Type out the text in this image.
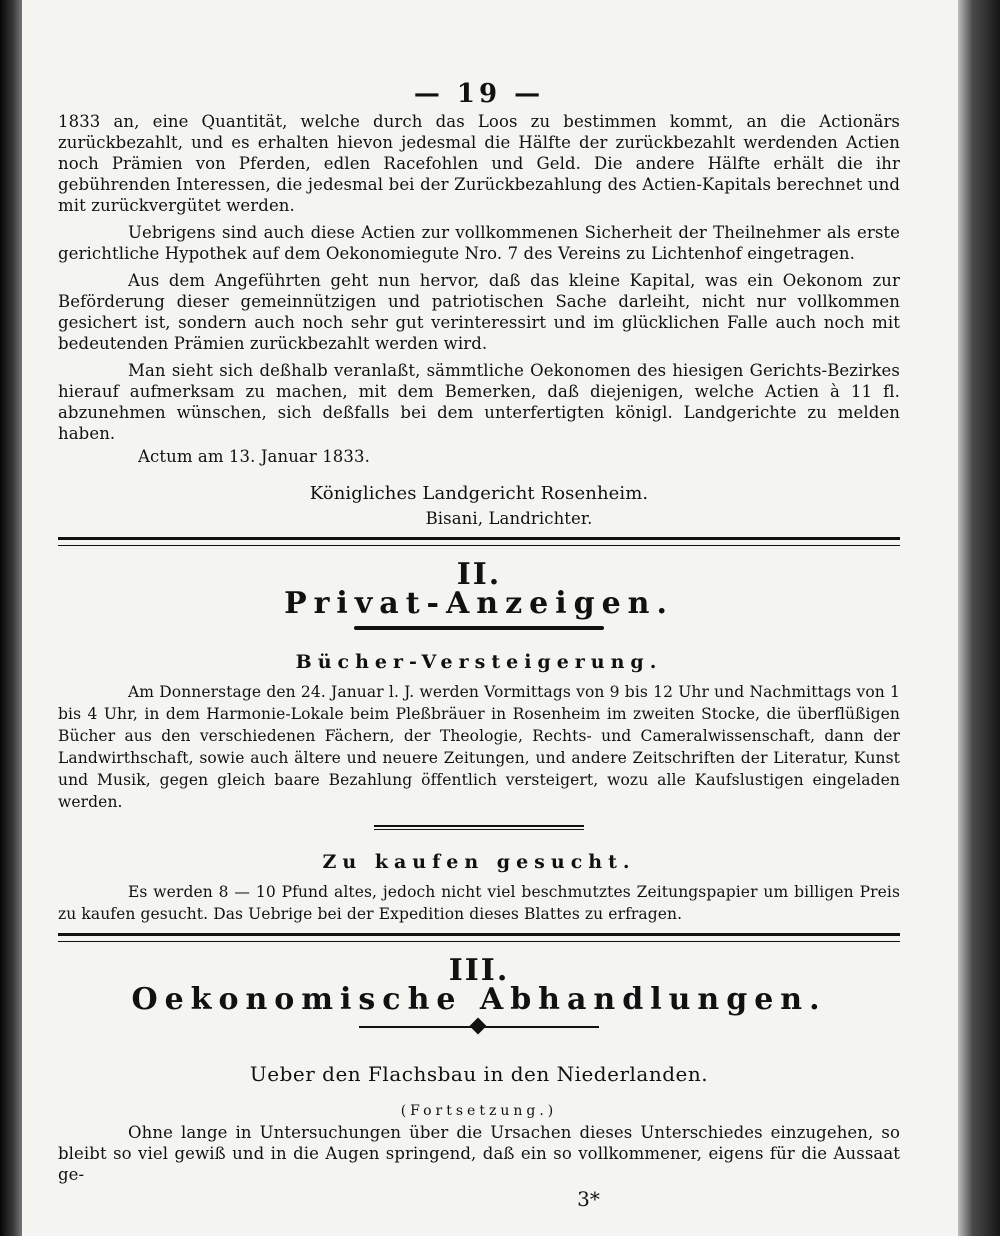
— 19 —

1833 an, eine Quantität, welche durch das Loos zu bestimmen kommt, an die Actionärs zurückbezahlt, und es erhalten hievon jedesmal die Hälfte der zurückbezahlt werdenden Actien noch Prämien von Pferden, edlen Racefohlen und Geld. Die andere Hälfte erhält die ihr gebührenden Interessen, die jedesmal bei der Zurückbezahlung des Actien-Kapitals berechnet und mit zurückvergütet werden.

Uebrigens sind auch diese Actien zur vollkommenen Sicherheit der Theilnehmer als erste gerichtliche Hypothek auf dem Oekonomiegute Nro. 7 des Vereins zu Lichtenhof eingetragen.

Aus dem Angeführten geht nun hervor, daß das kleine Kapital, was ein Oekonom zur Beförderung dieser gemeinnützigen und patriotischen Sache darleiht, nicht nur vollkommen gesichert ist, sondern auch noch sehr gut verinteressirt und im glücklichen Falle auch noch mit bedeutenden Prämien zurückbezahlt werden wird.

Man sieht sich deßhalb veranlaßt, sämmtliche Oekonomen des hiesigen Gerichts-Bezirkes hierauf aufmerksam zu machen, mit dem Bemerken, daß diejenigen, welche Actien à 11 fl. abzunehmen wünschen, sich deßfalls bei dem unterfertigten königl. Landgerichte zu melden haben.

Actum am 13. Januar 1833.
Königliches Landgericht Rosenheim.
Bisani, Landrichter.
II.
Privat-Anzeigen.
Bücher-Versteigerung.

Am Donnerstage den 24. Januar l. J. werden Vormittags von 9 bis 12 Uhr und Nachmittags von 1 bis 4 Uhr, in dem Harmonie-Lokale beim Pleßbräuer in Rosenheim im zweiten Stocke, die überflüßigen Bücher aus den verschiedenen Fächern, der Theologie, Rechts- und Cameralwissenschaft, dann der Landwirthschaft, sowie auch ältere und neuere Zeitungen, und andere Zeitschriften der Literatur, Kunst und Musik, gegen gleich baare Bezahlung öffentlich versteigert, wozu alle Kaufslustigen eingeladen werden.

Zu kaufen gesucht.

Es werden 8 — 10 Pfund altes, jedoch nicht viel beschmutztes Zeitungspapier um billigen Preis zu kaufen gesucht. Das Uebrige bei der Expedition dieses Blattes zu erfragen.

III.
Oekonomische Abhandlungen.
Ueber den Flachsbau in den Niederlanden.
(Fortsetzung.)

Ohne lange in Untersuchungen über die Ursachen dieses Unterschiedes einzugehen, so bleibt so viel gewiß und in die Augen springend, daß ein so vollkommener, eigens für die Aussaat ge-

3*
